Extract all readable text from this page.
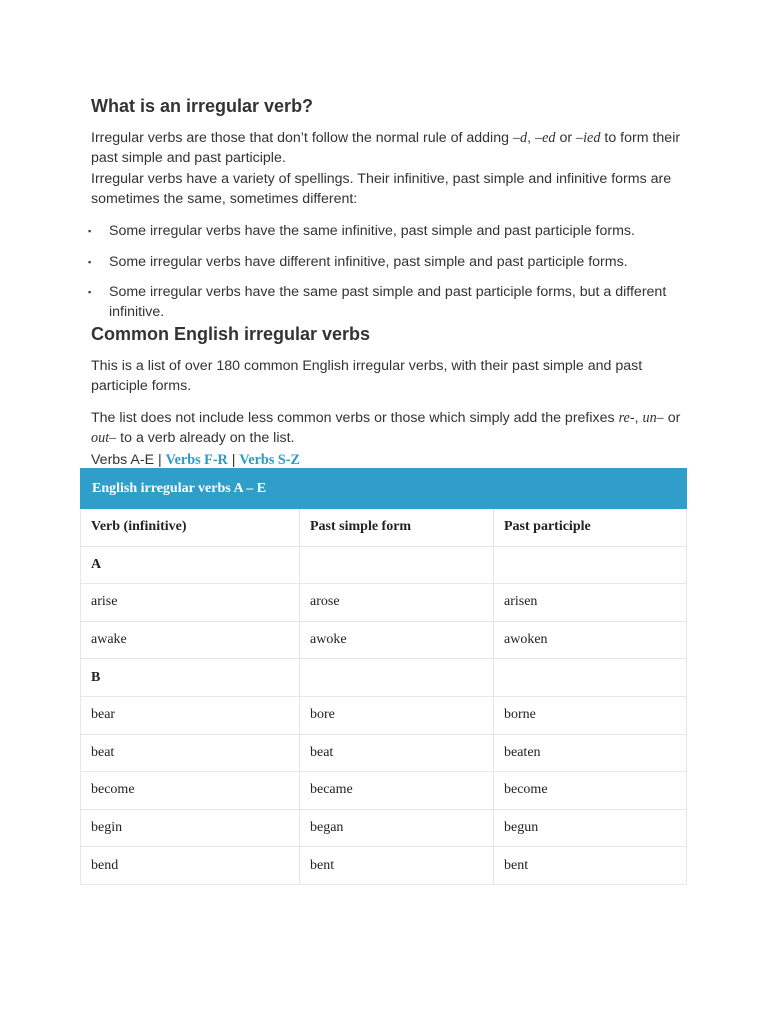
What is an irregular verb?

Irregular verbs are those that don’t follow the normal rule of adding –d, –ed or –ied to form their past simple and past participle.

Irregular verbs have a variety of spellings. Their infinitive, past simple and infinitive forms are sometimes the same, sometimes different:

▪ Some irregular verbs have the same infinitive, past simple and past participle forms.
▪ Some irregular verbs have different infinitive, past simple and past participle forms.
▪ Some irregular verbs have the same past simple and past participle forms, but a different infinitive.
Common English irregular verbs

This is a list of over 180 common English irregular verbs, with their past simple and past participle forms.

The list does not include less common verbs or those which simply add the prefixes re-, un– or out– to a verb already on the list.

Verbs A-E | Verbs F-R | Verbs S-Z
English irregular verbs A – E		
Verb (infinitive)	Past simple form	Past participle
A		
arise	arose	arisen
awake	awoke	awoken
B		
bear	bore	borne
beat	beat	beaten
become	became	become
begin	began	begun
bend	bent	bent
